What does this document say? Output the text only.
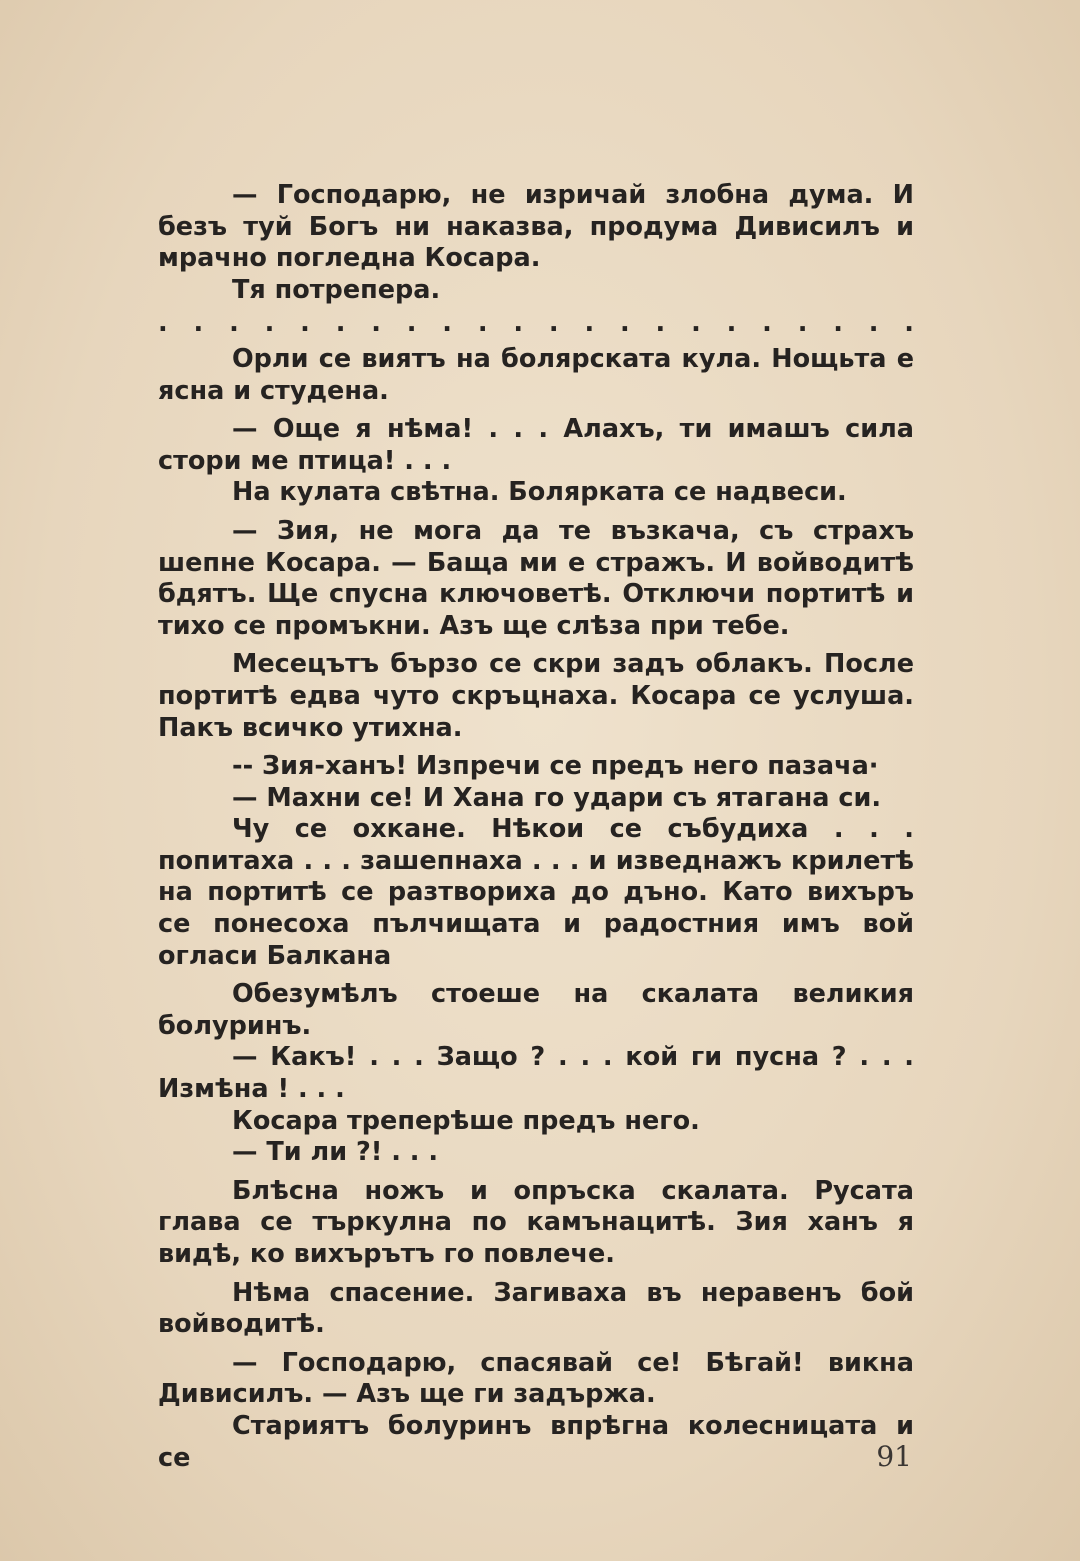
— Господарю, не изричай злобна дума. И безъ туй Богъ ни наказва, продума Дивисилъ и мрачно погледна Косара.

Тя потрепера.

. . . . . . . . . . . . . . . . . . . . . .

Орли се виятъ на болярската кула. Нощьта е ясна и студена.

— Още я нѣма! . . . Алахъ, ти имашъ сила стори ме птица! . . .

На кулата свѣтна. Болярката се надвеси.

— Зия, не мога да те възкача, съ страхъ шепне Косара. — Баща ми е стражъ. И войводитѣ бдятъ. Ще спусна ключоветѣ. Отключи портитѣ и тихо се промъкни. Азъ ще слѣза при тебе.

Месецътъ бързо се скри задъ облакъ. После портитѣ едва чуто скръцнаха. Косара се услуша. Пакъ всичко утихна.

-- Зия-ханъ! Изпречи се предъ него пазача·

— Махни се! И Хана го удари съ ятагана си.

Чу се охкане. Нѣкои се събудиха . . . попитаха . . . зашепнаха . . . и изведнажъ крилетѣ на портитѣ се разтвориха до дъно. Като вихъръ се понесоха пълчищата и радостния имъ вой огласи Балкана

Обезумѣлъ стоеше на скалата великия болyринъ.

— Какъ! . . . Защо ? . . . кой ги пусна ? . . . Измѣна ! . . .

Косара треперѣше предъ него.

— Ти ли ?! . . .

Блѣсна ножъ и опръска скалата. Русата глава се търкулна по камънацитѣ. Зия ханъ я видѣ, ко вихърътъ го повлече.

Нѣма спасение. Загиваха въ неравенъ бой войводитѣ.

— Господарю, спасявай се! Бѣгай! викна Дивисилъ. — Азъ ще ги задържа.

Стариятъ болyринъ впрѣгна колесницата и се	91
